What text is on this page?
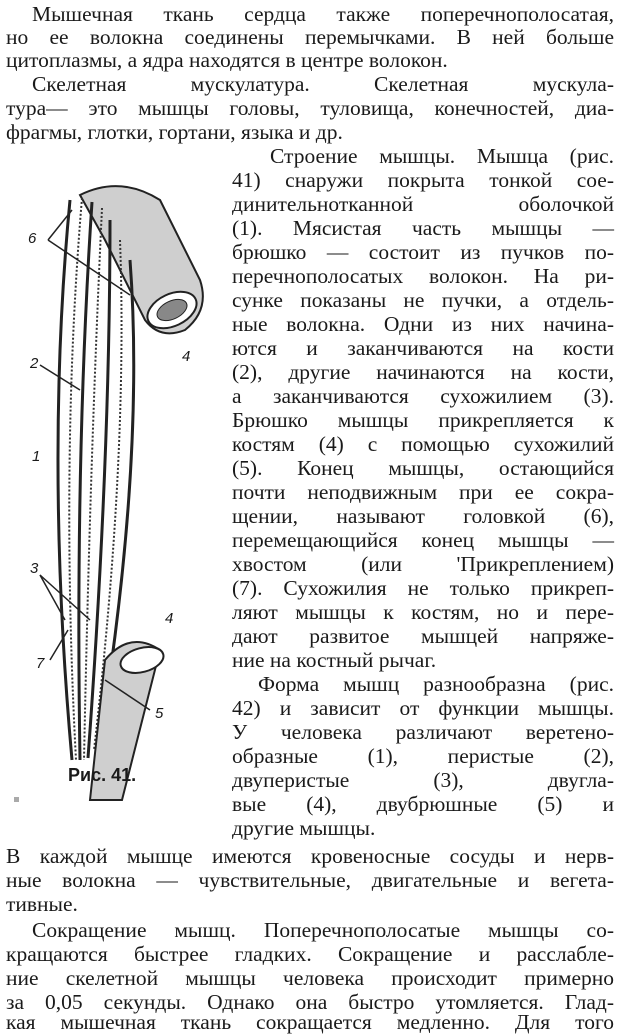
Мышечная ткань сердца также поперечнополосатая,
но ее волокна соединены перемычками. В ней больше
цитоплазмы, а ядра находятся в центре волокон.
Скелетная мускулатура. Скелетная мускула-
тура— это мышцы головы, туловища, конечностей, диа-
фрагмы, глотки, гортани, языка и др.
6
4
2
1
3
7
4
5
Рис. 41.
Строение мышцы. Мышца (рис.
41) снаружи покрыта тонкой сое-
динительнотканной оболочкой
(1). Мясистая часть мышцы —
брюшко — состоит из пучков по-
перечнополосатых волокон. На ри-
сунке показаны не пучки, а отдель-
ные волокна. Одни из них начина-
ются и заканчиваются на кости
(2), другие начинаются на кости,
а заканчиваются сухожилием (3).
Брюшко мышцы прикрепляется к
костям (4) с помощью сухожилий
(5). Конец мышцы, остающийся
почти неподвижным при ее сокра-
щении, называют головкой (6),
перемещающийся конец мышцы —
хвостом (или 'Прикреплением)
(7). Сухожилия не только прикреп-
ляют мышцы к костям, но и пере-
дают развитое мышцей напряже-
ние на костный рычаг.
Форма мышц разнообразна (рис.
42) и зависит от функции мышцы.
У человека различают веретено-
образные (1), перистые (2),
двуперистые (3), двугла-
вые (4), двубрюшные (5) и
другие мышцы.
В каждой мышце имеются кровеносные сосуды и нерв-
ные волокна — чувствительные, двигательные и вегета-
тивные.
Сокращение мышц. Поперечнополосатые мышцы со-
кращаются быстрее гладких. Сокращение и расслабле-
ние скелетной мышцы человека происходит примерно
за 0,05 секунды. Однако она быстро утомляется. Глад-
кая мышечная ткань сокращается медленно. Для того
